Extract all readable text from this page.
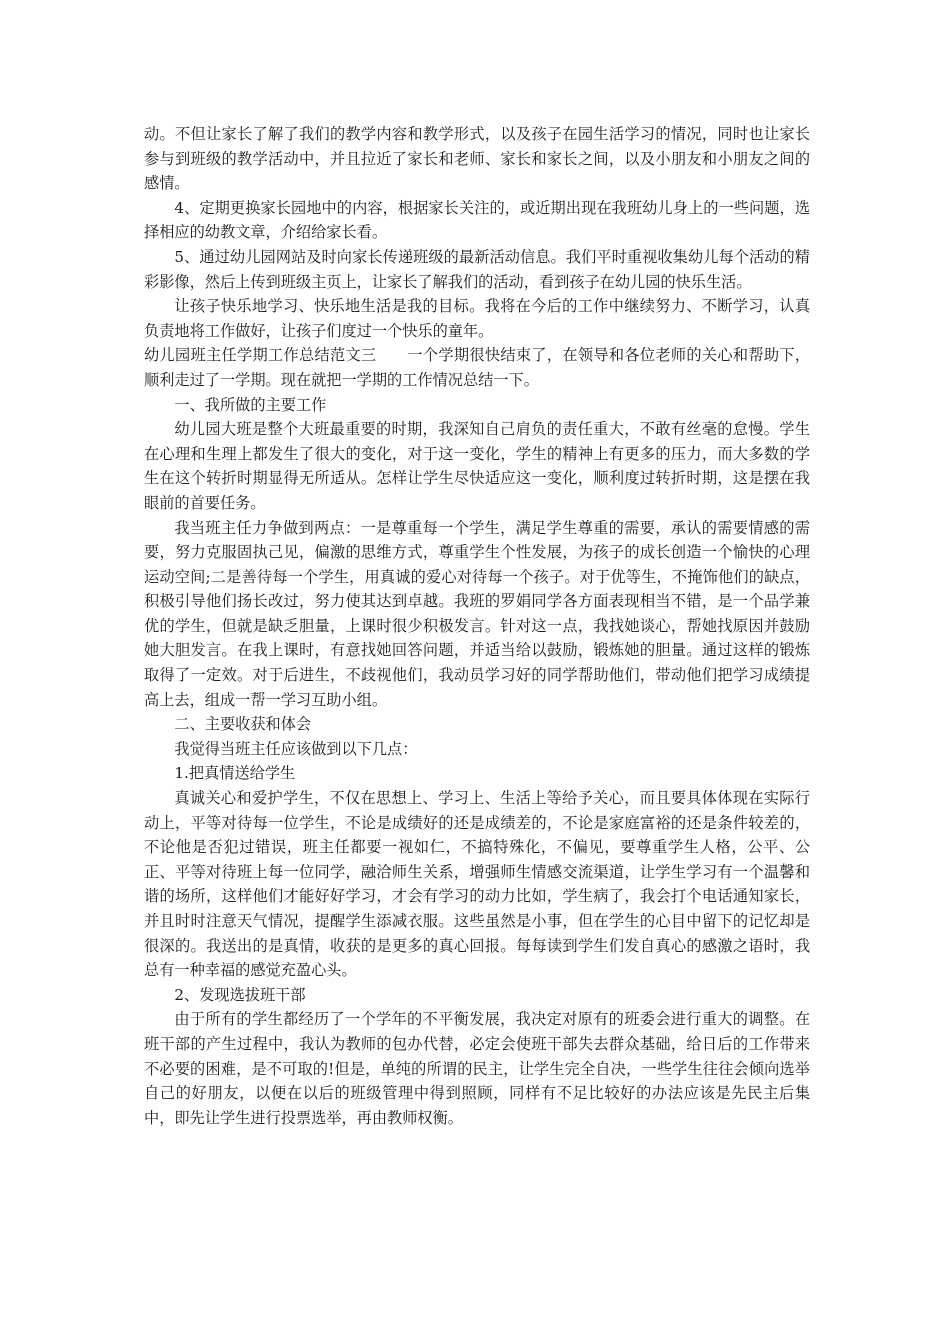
动。不但让家长了解了我们的教学内容和教学形式，以及孩子在园生活学习的情况，同时也让家长参与到班级的教学活动中，并且拉近了家长和老师、家长和家长之间，以及小朋友和小朋友之间的感情。

4、定期更换家长园地中的内容，根据家长关注的，或近期出现在我班幼儿身上的一些问题，选择相应的幼教文章，介绍给家长看。

5、通过幼儿园网站及时向家长传递班级的最新活动信息。我们平时重视收集幼儿每个活动的精彩影像，然后上传到班级主页上，让家长了解我们的活动，看到孩子在幼儿园的快乐生活。

让孩子快乐地学习、快乐地生活是我的目标。我将在今后的工作中继续努力、不断学习，认真负责地将工作做好，让孩子们度过一个快乐的童年。

幼儿园班主任学期工作总结范文三　　一个学期很快结束了，在领导和各位老师的关心和帮助下，顺利走过了一学期。现在就把一学期的工作情况总结一下。

一、我所做的主要工作

幼儿园大班是整个大班最重要的时期，我深知自己肩负的责任重大，不敢有丝毫的怠慢。学生在心理和生理上都发生了很大的变化，对于这一变化，学生的精神上有更多的压力，而大多数的学生在这个转折时期显得无所适从。怎样让学生尽快适应这一变化，顺利度过转折时期，这是摆在我眼前的首要任务。

我当班主任力争做到两点：一是尊重每一个学生，满足学生尊重的需要，承认的需要情感的需要，努力克服固执己见，偏激的思维方式，尊重学生个性发展，为孩子的成长创造一个愉快的心理运动空间;二是善待每一个学生，用真诚的爱心对待每一个孩子。对于优等生，不掩饰他们的缺点，积极引导他们扬长改过，努力使其达到卓越。我班的罗娟同学各方面表现相当不错，是一个品学兼优的学生，但就是缺乏胆量，上课时很少积极发言。针对这一点，我找她谈心，帮她找原因并鼓励她大胆发言。在我上课时，有意找她回答问题，并适当给以鼓励，锻炼她的胆量。通过这样的锻炼取得了一定效。对于后进生，不歧视他们，我动员学习好的同学帮助他们，带动他们把学习成绩提高上去，组成一帮一学习互助小组。

二、主要收获和体会

我觉得当班主任应该做到以下几点：

1.把真情送给学生

真诚关心和爱护学生，不仅在思想上、学习上、生活上等给予关心，而且要具体体现在实际行动上，平等对待每一位学生，不论是成绩好的还是成绩差的，不论是家庭富裕的还是条件较差的，不论他是否犯过错误，班主任都要一视如仁，不搞特殊化，不偏见，要尊重学生人格，公平、公正、平等对待班上每一位同学，融洽师生关系，增强师生情感交流渠道，让学生学习有一个温馨和谐的场所，这样他们才能好好学习，才会有学习的动力比如，学生病了，我会打个电话通知家长，并且时时注意天气情况，提醒学生添减衣服。这些虽然是小事，但在学生的心目中留下的记忆却是很深的。我送出的是真情，收获的是更多的真心回报。每每读到学生们发自真心的感激之语时，我总有一种幸福的感觉充盈心头。

2、发现选拔班干部

由于所有的学生都经历了一个学年的不平衡发展，我决定对原有的班委会进行重大的调整。在班干部的产生过程中，我认为教师的包办代替，必定会使班干部失去群众基础，给日后的工作带来不必要的困难，是不可取的!但是，单纯的所谓的民主，让学生完全自决，一些学生往往会倾向选举自己的好朋友，以便在以后的班级管理中得到照顾，同样有不足比较好的办法应该是先民主后集中，即先让学生进行投票选举，再由教师权衡。
